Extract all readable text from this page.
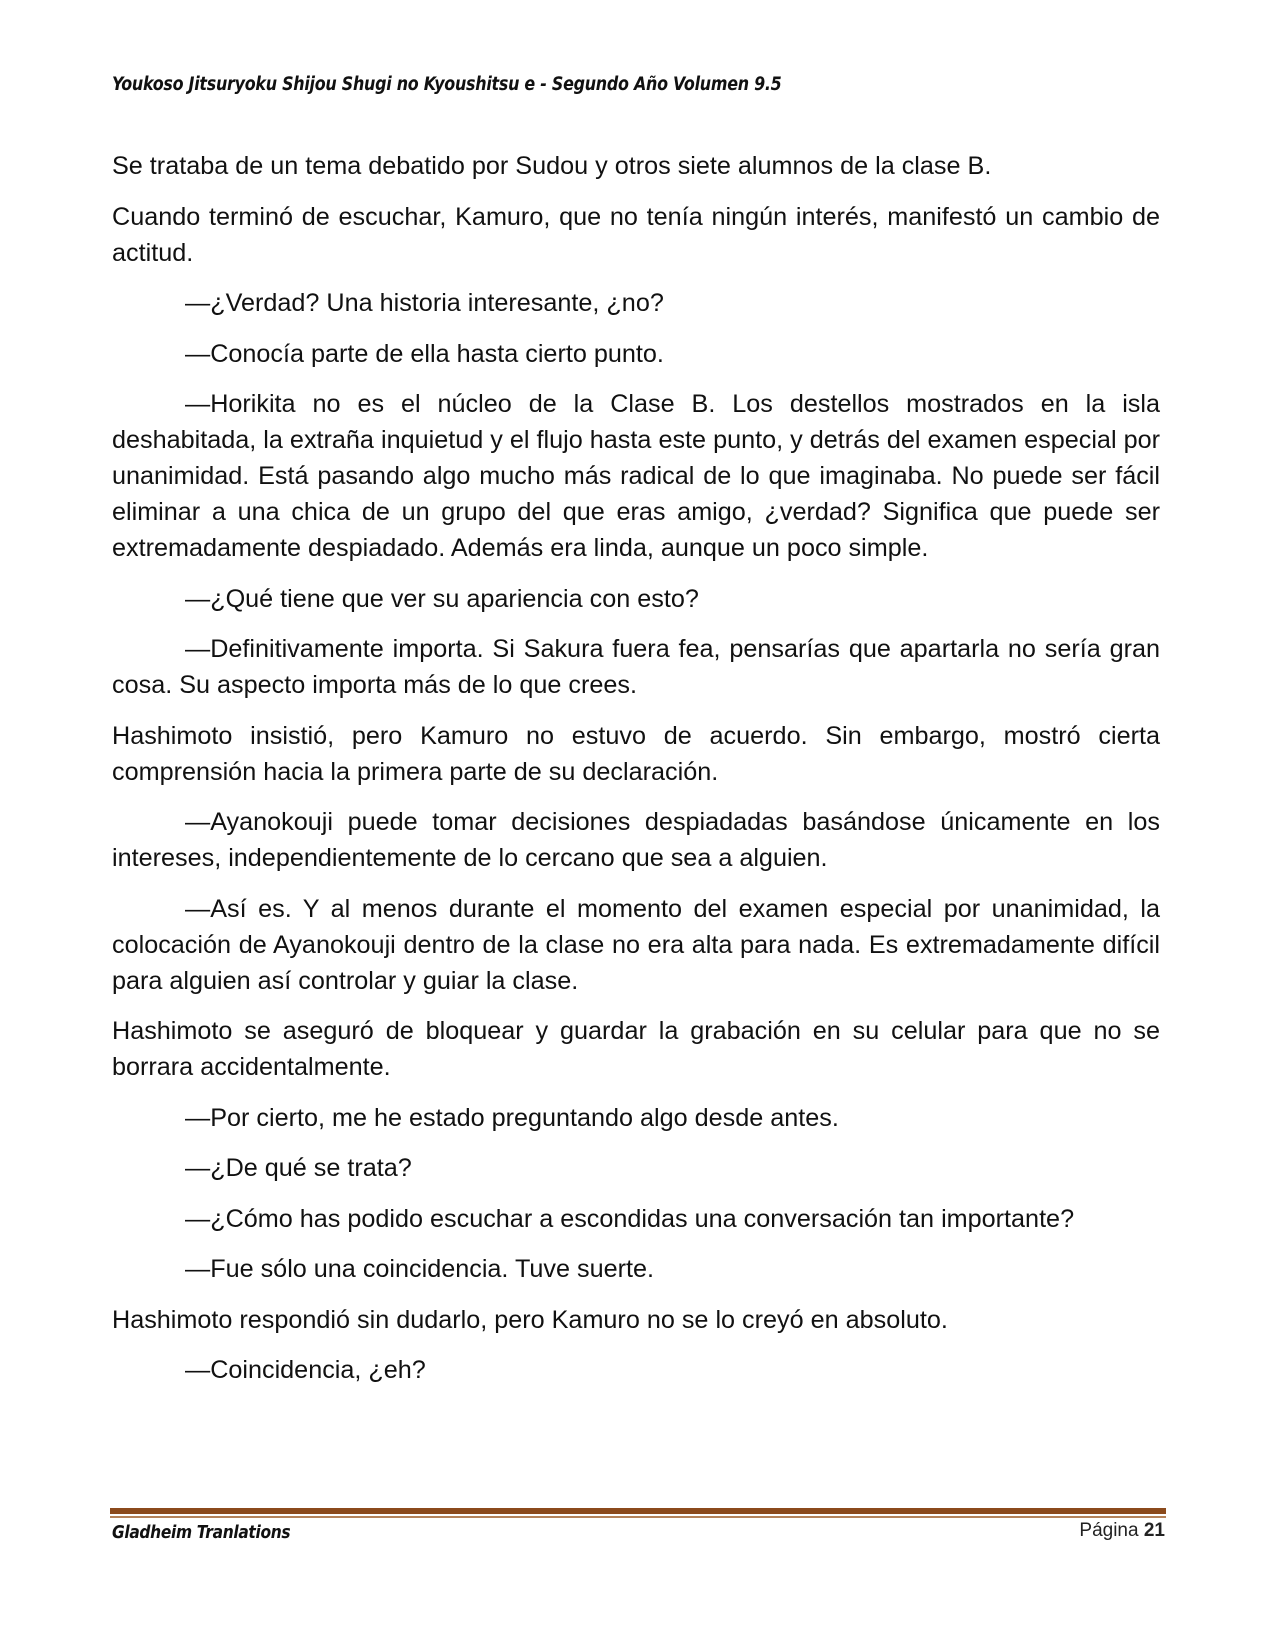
Youkoso Jitsuryoku Shijou Shugi no Kyoushitsu e - Segundo Año Volumen 9.5

Se trataba de un tema debatido por Sudou y otros siete alumnos de la clase B.

Cuando terminó de escuchar, Kamuro, que no tenía ningún interés, manifestó un cambio de actitud.

—¿Verdad? Una historia interesante, ¿no?

—Conocía parte de ella hasta cierto punto.

—Horikita no es el núcleo de la Clase B. Los destellos mostrados en la isla deshabitada, la extraña inquietud y el flujo hasta este punto, y detrás del examen especial por unanimidad. Está pasando algo mucho más radical de lo que imaginaba. No puede ser fácil eliminar a una chica de un grupo del que eras amigo, ¿verdad? Significa que puede ser extremadamente despiadado. Además era linda, aunque un poco simple.

—¿Qué tiene que ver su apariencia con esto?

—Definitivamente importa. Si Sakura fuera fea, pensarías que apartarla no sería gran cosa. Su aspecto importa más de lo que crees.

Hashimoto insistió, pero Kamuro no estuvo de acuerdo. Sin embargo, mostró cierta comprensión hacia la primera parte de su declaración.

—Ayanokouji puede tomar decisiones despiadadas basándose únicamente en los intereses, independientemente de lo cercano que sea a alguien.

—Así es. Y al menos durante el momento del examen especial por unanimidad, la colocación de Ayanokouji dentro de la clase no era alta para nada. Es extremadamente difícil para alguien así controlar y guiar la clase.

Hashimoto se aseguró de bloquear y guardar la grabación en su celular para que no se borrara accidentalmente.

—Por cierto, me he estado preguntando algo desde antes.

—¿De qué se trata?

—¿Cómo has podido escuchar a escondidas una conversación tan importante?

—Fue sólo una coincidencia. Tuve suerte.

Hashimoto respondió sin dudarlo, pero Kamuro no se lo creyó en absoluto.

—Coincidencia, ¿eh?

Gladheim Tranlations	Página 21
